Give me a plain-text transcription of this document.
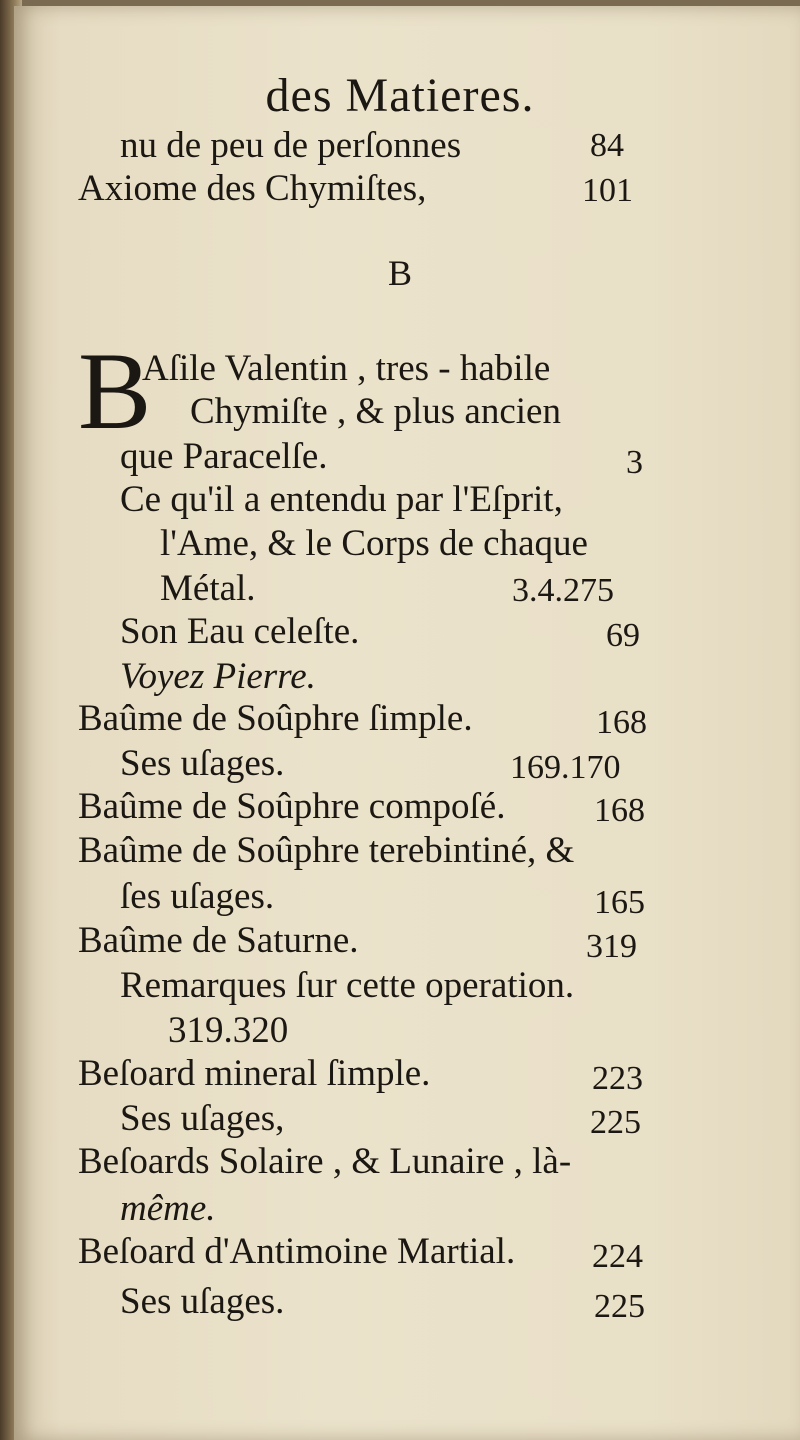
des Matieres.
nu de peu de perſonnes	84
Axiome des Chymiſtes,	101
B
B
Aſile Valentin , tres - habile
Chymiſte , & plus ancien
que Paracelſe.	3
Ce qu'il a entendu par l'Eſprit,
l'Ame, & le Corps de chaque
Métal.	3.4.275
Son Eau celeſte.	69
Voyez Pierre.
Baûme de Soûphre ſimple.	168
Ses uſages.	169.170
Baûme de Soûphre compoſé.	168
Baûme de Soûphre terebintiné, &
ſes uſages.	165
Baûme de Saturne.	319
Remarques ſur cette operation.
319.320
Beſoard mineral ſimple.	223
Ses uſages,	225
Beſoards Solaire , & Lunaire , là-
même.
Beſoard d'Antimoine Martial. 224
Ses uſages.	225
